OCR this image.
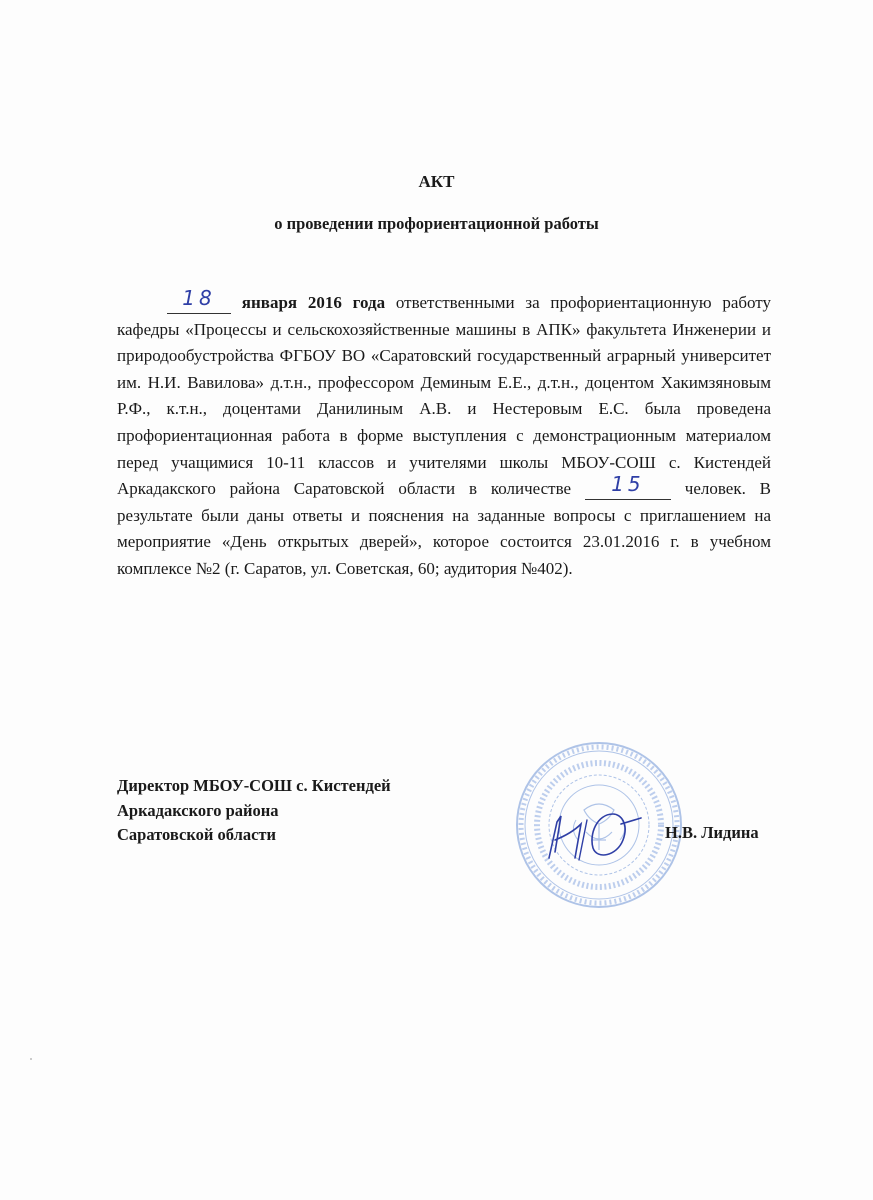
АКТ
о проведении профориентационной работы
18 января 2016 года ответственными за профориентационную работу кафедры «Процессы и сельскохозяйственные машины в АПК» факультета Инженерии и природообустройства ФГБОУ ВО «Саратовский государственный аграрный университет им. Н.И. Вавилова» д.т.н., профессором Деминым Е.Е., д.т.н., доцентом Хакимзяновым Р.Ф., к.т.н., доцентами Данилиным А.В. и Нестеровым Е.С. была проведена профориентационная работа в форме выступления с демонстрационным материалом перед учащимися 10-11 классов и учителями школы МБОУ-СОШ с. Кистендей Аркадакского района Саратовской области в количестве 15 человек. В результате были даны ответы и пояснения на заданные вопросы с приглашением на мероприятие «День открытых дверей», которое состоится 23.01.2016 г. в учебном комплексе №2 (г. Саратов, ул. Советская, 60; аудитория №402).
Директор МБОУ-СОШ с. Кистендей
Аркадакского района
Саратовской области	Н.В. Лидина
